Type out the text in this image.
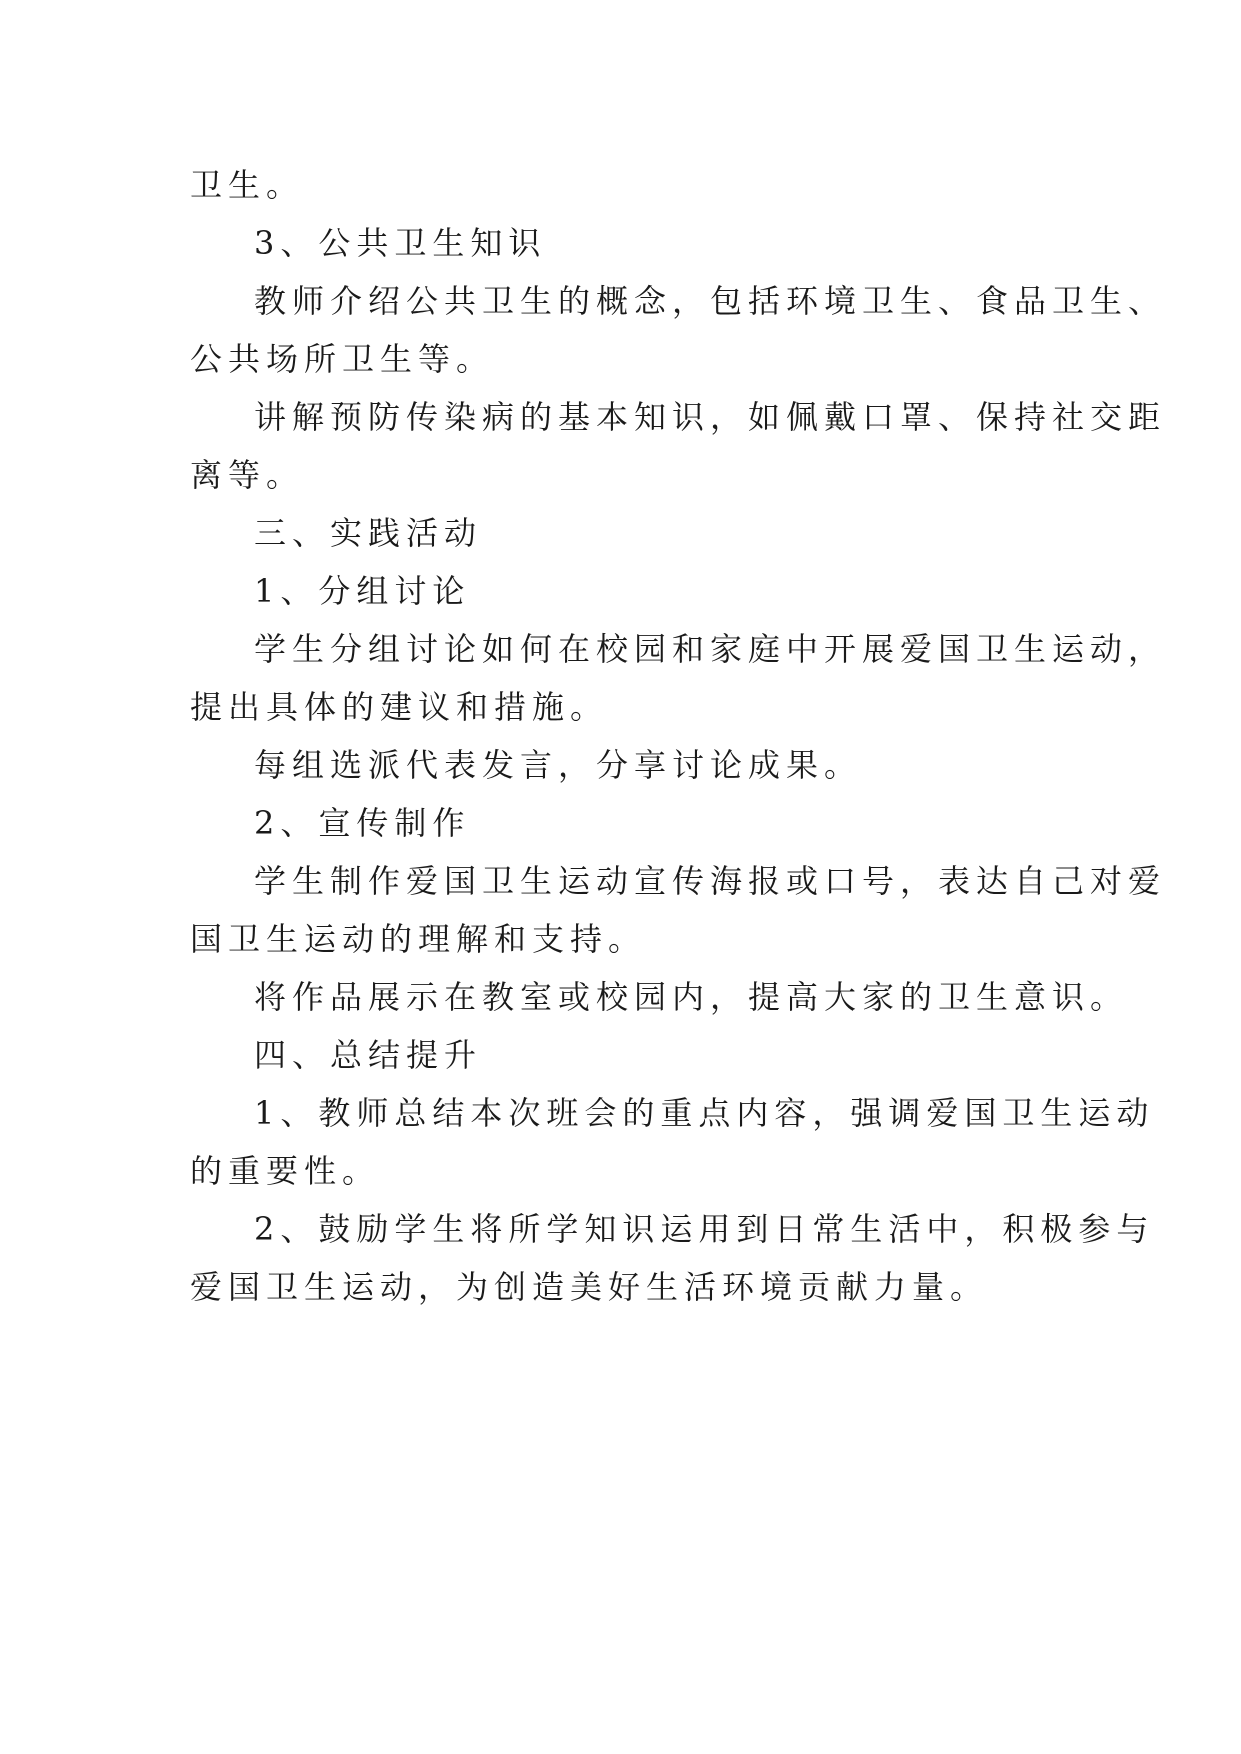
卫生。
3、公共卫生知识
教师介绍公共卫生的概念，包括环境卫生、食品卫生、
公共场所卫生等。
讲解预防传染病的基本知识，如佩戴口罩、保持社交距
离等。
三、实践活动
1、分组讨论
学生分组讨论如何在校园和家庭中开展爱国卫生运动，
提出具体的建议和措施。
每组选派代表发言，分享讨论成果。
2、宣传制作
学生制作爱国卫生运动宣传海报或口号，表达自己对爱
国卫生运动的理解和支持。
将作品展示在教室或校园内，提高大家的卫生意识。
四、总结提升
1、教师总结本次班会的重点内容，强调爱国卫生运动
的重要性。
2、鼓励学生将所学知识运用到日常生活中，积极参与
爱国卫生运动，为创造美好生活环境贡献力量。
